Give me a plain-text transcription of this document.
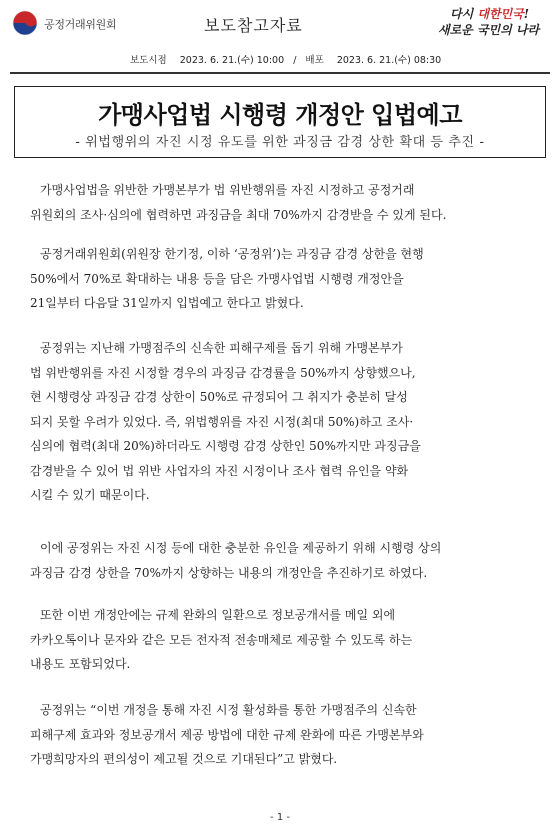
공정거래위원회	보도참고자료
다시 대한민국!
새로운 국민의 나라
보도시점 2023. 6. 21.(수) 10:00 / 배포 2023. 6. 21.(수) 08:30
가맹사업법 시행령 개정안 입법예고
- 위법행위의 자진 시정 유도를 위한 과징금 감경 상한 확대 등 추진 -
가맹사업법을 위반한 가맹본부가 법 위반행위를 자진 시정하고 공정거래
위원회의 조사·심의에 협력하면 과징금을 최대 70%까지 감경받을 수 있게 된다.
공정거래위원회(위원장 한기정, 이하 ‘공정위’)는 과징금 감경 상한을 현행
50%에서 70%로 확대하는 내용 등을 담은 가맹사업법 시행령 개정안을
21일부터 다음달 31일까지 입법예고 한다고 밝혔다.
공정위는 지난해 가맹점주의 신속한 피해구제를 돕기 위해 가맹본부가
법 위반행위를 자진 시정할 경우의 과징금 감경률을 50%까지 상향했으나,
현 시행령상 과징금 감경 상한이 50%로 규정되어 그 취지가 충분히 달성
되지 못할 우려가 있었다. 즉, 위법행위를 자진 시정(최대 50%)하고 조사·
심의에 협력(최대 20%)하더라도 시행령 감경 상한인 50%까지만 과징금을
감경받을 수 있어 법 위반 사업자의 자진 시정이나 조사 협력 유인을 약화
시킬 수 있기 때문이다.
이에 공정위는 자진 시정 등에 대한 충분한 유인을 제공하기 위해 시행령 상의
과징금 감경 상한을 70%까지 상향하는 내용의 개정안을 추진하기로 하였다.
또한 이번 개정안에는 규제 완화의 일환으로 정보공개서를 메일 외에
카카오톡이나 문자와 같은 모든 전자적 전송매체로 제공할 수 있도록 하는
내용도 포함되었다.
공정위는 “이번 개정을 통해 자진 시정 활성화를 통한 가맹점주의 신속한
피해구제 효과와 정보공개서 제공 방법에 대한 규제 완화에 따른 가맹본부와
가맹희망자의 편의성이 제고될 것으로 기대된다”고 밝혔다.
- 1 -
